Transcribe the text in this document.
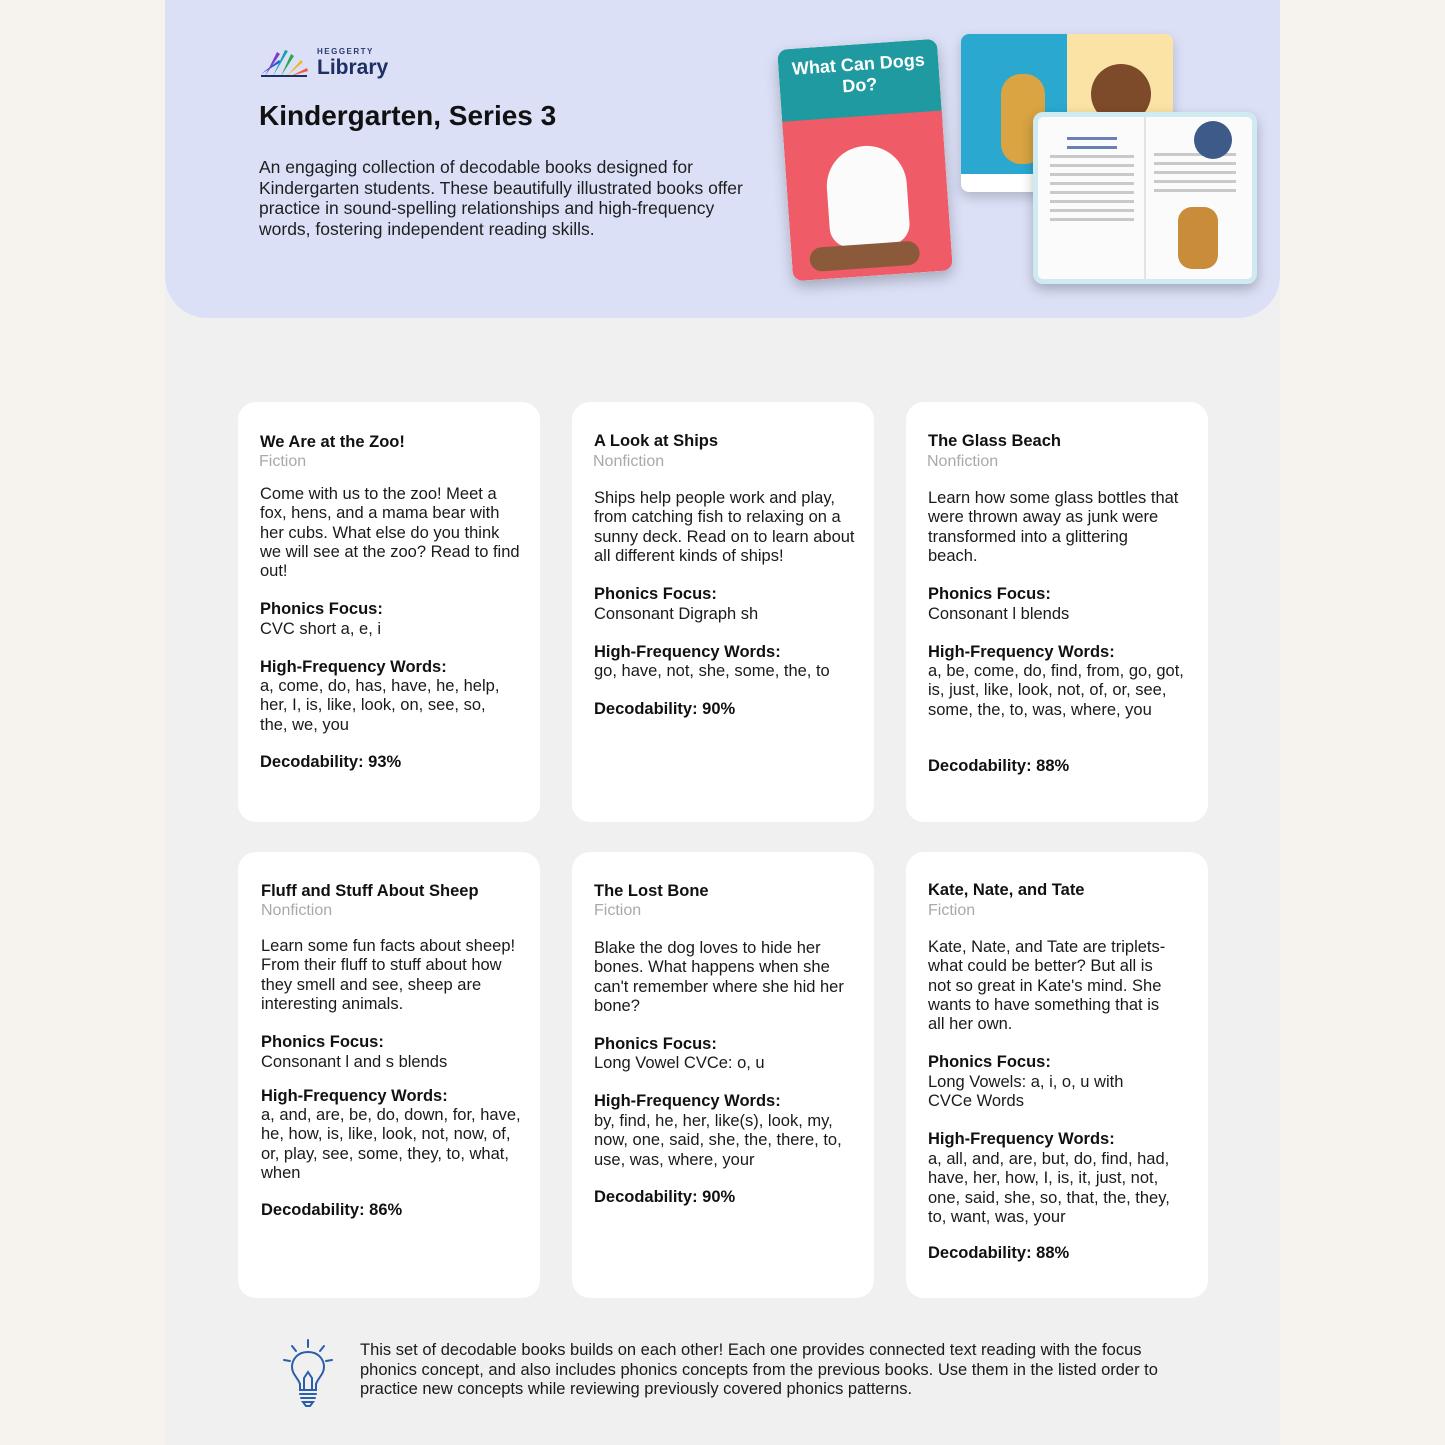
HEGGERTY
Library
Kindergarten, Series 3
An engaging collection of decodable books designed for Kindergarten students. These beautifully illustrated books offer practice in sound-spelling relationships and high-frequency words, fostering independent reading skills.
What Can Dogs Do?
We Are at the Zoo!
Fiction
Come with us to the zoo! Meet a fox, hens, and a mama bear with her cubs. What else do you think we will see at the zoo? Read to find out!
Phonics Focus:
CVC short a, e, i
High-Frequency Words:
a, come, do, has, have, he, help, her, I, is, like, look, on, see, so, the, we, you
Decodability: 93%
A Look at Ships
Nonfiction
Ships help people work and play, from catching fish to relaxing on a sunny deck. Read on to learn about all different kinds of ships!
Phonics Focus:
Consonant Digraph sh
High-Frequency Words:
go, have, not, she, some, the, to
Decodability: 90%
The Glass Beach
Nonfiction
Learn how some glass bottles that were thrown away as junk were transformed into a glittering beach.
Phonics Focus:
Consonant l blends
High-Frequency Words:
a, be, come, do, find, from, go, got, is, just, like, look, not, of, or, see, some, the, to, was, where, you
Decodability: 88%
Fluff and Stuff About Sheep
Nonfiction
Learn some fun facts about sheep! From their fluff to stuff about how they smell and see, sheep are interesting animals.
Phonics Focus:
Consonant l and s blends
High-Frequency Words:
a, and, are, be, do, down, for, have, he, how, is, like, look, not, now, of, or, play, see, some, they, to, what, when
Decodability: 86%
The Lost Bone
Fiction
Blake the dog loves to hide her bones. What happens when she can't remember where she hid her bone?
Phonics Focus:
Long Vowel CVCe: o, u
High-Frequency Words:
by, find, he, her, like(s), look, my, now, one, said, she, the, there, to, use, was, where, your
Decodability: 90%
Kate, Nate, and Tate
Fiction
Kate, Nate, and Tate are triplets-what could be better? But all is not so great in Kate's mind. She wants to have something that is all her own.
Phonics Focus:
Long Vowels: a, i, o, u with CVCe Words
High-Frequency Words:
a, all, and, are, but, do, find, had, have, her, how, I, is, it, just, not, one, said, she, so, that, the, they, to, want, was, your
Decodability: 88%
This set of decodable books builds on each other! Each one provides connected text reading with the focus phonics concept, and also includes phonics concepts from the previous books. Use them in the listed order to practice new concepts while reviewing previously covered phonics patterns.
